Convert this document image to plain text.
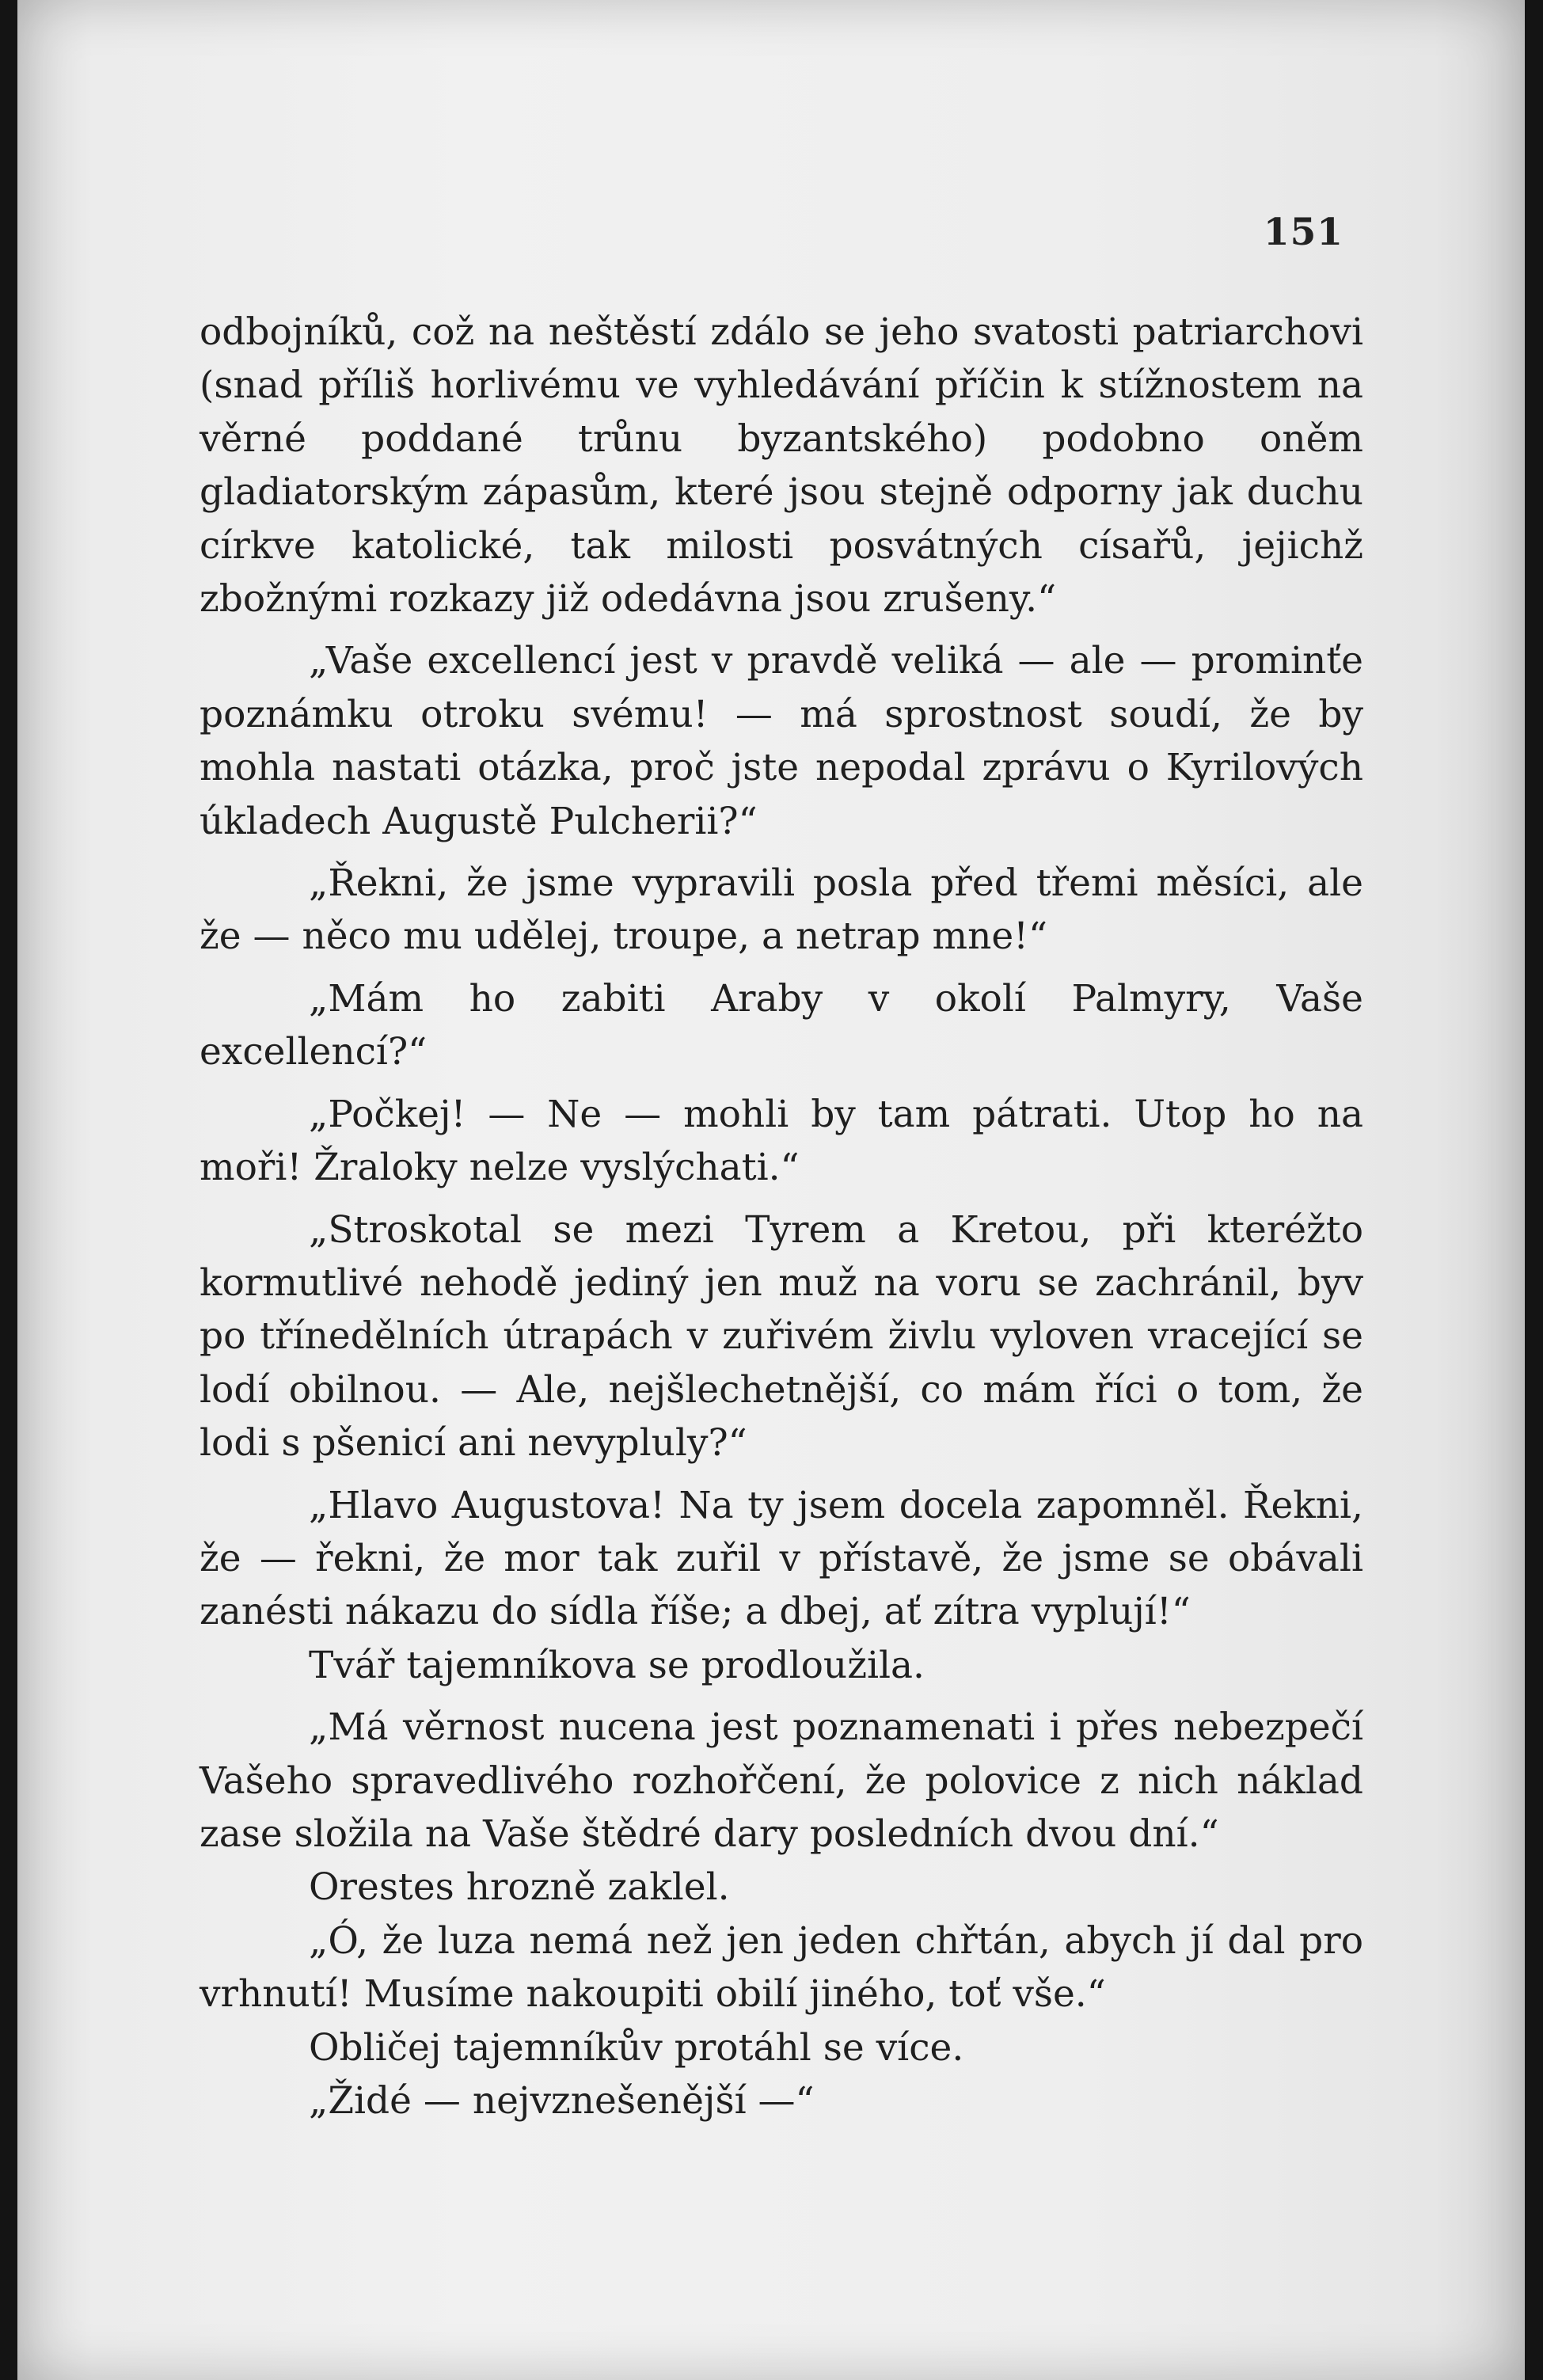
151

odbojníků, což na neštěstí zdálo se jeho svatosti patriarchovi (snad příliš horlivému ve vyhledávání příčin k stížnostem na věrné poddané trůnu byzantského) podobno oněm gladiatorským zápasům, které jsou stejně odporny jak duchu církve katolické, tak milosti posvátných císařů, jejichž zbožnými rozkazy již odedávna jsou zrušeny.“

„Vaše excellencí jest v pravdě veliká — ale — prominťe poznámku otroku svému! — má sprostnost soudí, že by mohla nastati otázka, proč jste nepodal zprávu o Kyrilových úkladech Augustě Pulcherii?“

„Řekni, že jsme vypravili posla před třemi měsíci, ale že — něco mu udělej, troupe, a netrap mne!“

„Mám ho zabiti Araby v okolí Palmyry, Vaše excellencí?“

„Počkej! — Ne — mohli by tam pátrati. Utop ho na moři! Žraloky nelze vyslýchati.“

„Stroskotal se mezi Tyrem a Kretou, při kteréžto kormutlivé nehodě jediný jen muž na voru se zachránil, byv po třínedělních útrapách v zuřivém živlu vyloven vracející se lodí obilnou. — Ale, nejšlechetnější, co mám říci o tom, že lodi s pšenicí ani nevypluly?“

„Hlavo Augustova! Na ty jsem docela zapomněl. Řekni, že — řekni, že mor tak zuřil v přístavě, že jsme se obávali zanésti nákazu do sídla říše; a dbej, ať zítra vyplují!“

Tvář tajemníkova se prodloužila.

„Má věrnost nucena jest poznamenati i přes nebezpečí Vašeho spravedlivého rozhořčení, že polovice z nich náklad zase složila na Vaše štědré dary posledních dvou dní.“

Orestes hrozně zaklel.

„Ó, že luza nemá než jen jeden chřtán, abych jí dal pro vrhnutí! Musíme nakoupiti obilí jiného, toť vše.“

Obličej tajemníkův protáhl se více.

„Židé — nejvznešenější —“
